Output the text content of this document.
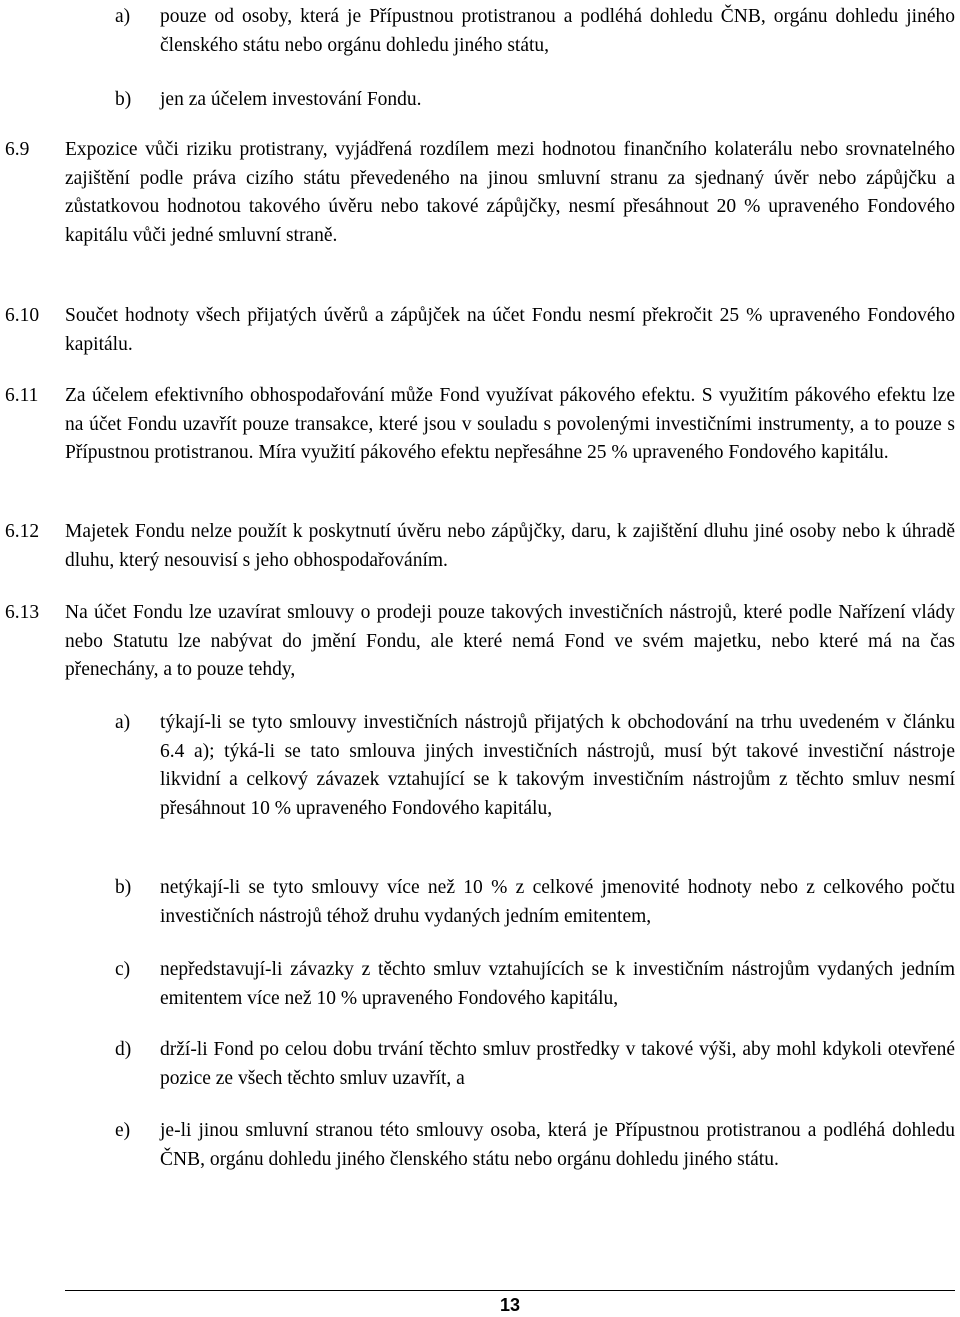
a) pouze od osoby, která je Přípustnou protistranou a podléhá dohledu ČNB, orgánu dohledu jiného členského státu nebo orgánu dohledu jiného státu,
b) jen za účelem investování Fondu.
6.9 Expozice vůči riziku protistrany, vyjádřená rozdílem mezi hodnotou finančního kolaterálu nebo srovnatelného zajištění podle práva cizího státu převedeného na jinou smluvní stranu za sjednaný úvěr nebo zápůjčku a zůstatkovou hodnotou takového úvěru nebo takové zápůjčky, nesmí přesáhnout 20 % upraveného Fondového kapitálu vůči jedné smluvní straně.
6.10 Součet hodnoty všech přijatých úvěrů a zápůjček na účet Fondu nesmí překročit 25 % upraveného Fondového kapitálu.
6.11 Za účelem efektivního obhospodařování může Fond využívat pákového efektu. S využitím pákového efektu lze na účet Fondu uzavřít pouze transakce, které jsou v souladu s povolenými investičními instrumenty, a to pouze s Přípustnou protistranou. Míra využití pákového efektu nepřesáhne 25 % upraveného Fondového kapitálu.
6.12 Majetek Fondu nelze použít k poskytnutí úvěru nebo zápůjčky, daru, k zajištění dluhu jiné osoby nebo k úhradě dluhu, který nesouvisí s jeho obhospodařováním.
6.13 Na účet Fondu lze uzavírat smlouvy o prodeji pouze takových investičních nástrojů, které podle Nařízení vlády nebo Statutu lze nabývat do jmění Fondu, ale které nemá Fond ve svém majetku, nebo které má na čas přenechány, a to pouze tehdy,
a) týkají-li se tyto smlouvy investičních nástrojů přijatých k obchodování na trhu uvedeném v článku 6.4 a); týká-li se tato smlouva jiných investičních nástrojů, musí být takové investiční nástroje likvidní a celkový závazek vztahující se k takovým investičním nástrojům z těchto smluv nesmí přesáhnout 10 % upraveného Fondového kapitálu,
b) netýkají-li se tyto smlouvy více než 10 % z celkové jmenovité hodnoty nebo z celkového počtu investičních nástrojů téhož druhu vydaných jedním emitentem,
c) nepředstavují-li závazky z těchto smluv vztahujících se k investičním nástrojům vydaných jedním emitentem více než 10 % upraveného Fondového kapitálu,
d) drží-li Fond po celou dobu trvání těchto smluv prostředky v takové výši, aby mohl kdykoli otevřené pozice ze všech těchto smluv uzavřít, a
e) je-li jinou smluvní stranou této smlouvy osoba, která je Přípustnou protistranou a podléhá dohledu ČNB, orgánu dohledu jiného členského státu nebo orgánu dohledu jiného státu.
13
